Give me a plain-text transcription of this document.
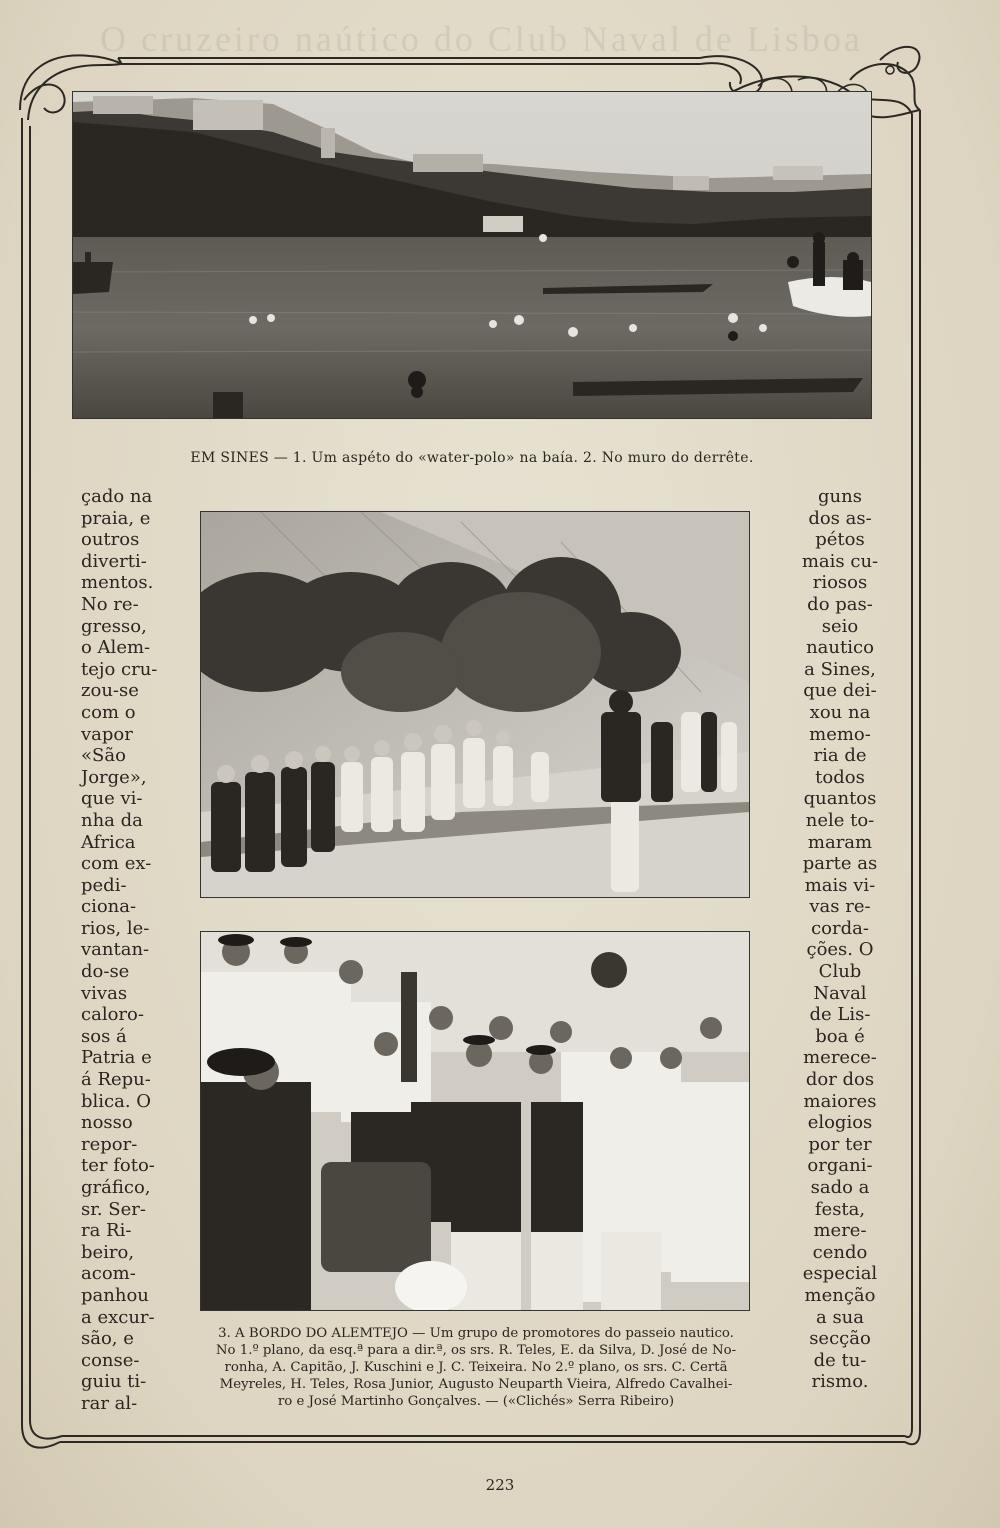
O cruzeiro naútico do Club Naval de Lisboa
EM SINES — 1. Um aspéto do «water-polo» na baía. 2. No muro do derrête.
3. A BORDO DO ALEMTEJO — Um grupo de promotores do passeio nautico.
No 1.º plano, da esq.ª para a dir.ª, os srs. R. Teles, E. da Silva, D. José de No-
ronha, A. Capitão, J. Kuschini e J. C. Teixeira. No 2.º plano, os srs. C. Certã
Meyreles, H. Teles, Rosa Junior, Augusto Neuparth Vieira, Alfredo Cavalhei-
ro e José Martinho Gonçalves. — («Clichés» Serra Ribeiro)
çado na
praia, e
outros
diverti-
mentos.
No re-
gresso,
o Alem-
tejo cru-
zou-se
com o
vapor
«São
Jorge»,
que vi-
nha da
Africa
com ex-
pedi-
ciona-
rios, le-
vantan-
do-se
vivas
caloro-
sos á
Patria e
á Repu-
blica. O
nosso
repor-
ter foto-
gráfico,
sr. Ser-
ra Ri-
beiro,
acom-
panhou
a excur-
são, e
conse-
guiu ti-
rar al-
guns
dos as-
pétos
mais cu-
riosos
do pas-
seio
nautico
a Sines,
que dei-
xou na
memo-
ria de
todos
quantos
nele to-
maram
parte as
mais vi-
vas re-
corda-
ções. O
Club
Naval
de Lis-
boa é
merece-
dor dos
maiores
elogios
por ter
organi-
sado a
festa,
mere-
cendo
especial
menção
a sua
secção
de tu-
rismo.
223
